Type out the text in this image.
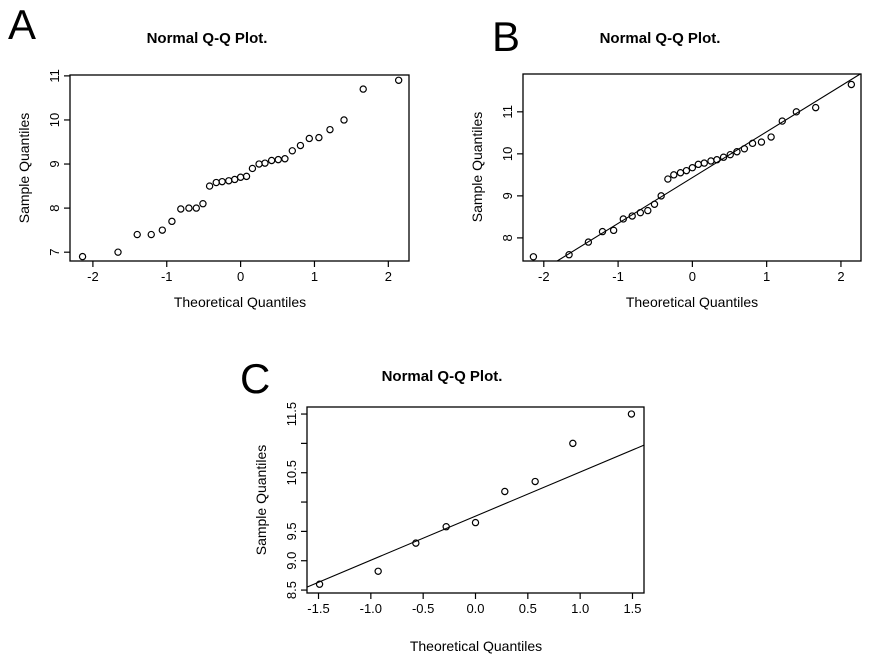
-2	-1	0	1	2
7
8
9
10
11
A	Normal Q-Q Plot.
Theoretical Quantiles
Sample Quantiles
-2	-1	0	1	2
8
9
10
11
B	Normal Q-Q Plot.
Theoretical Quantiles
Sample Quantiles
-1.5 -1.0 -0.5 0.0	0.5	1.0	1.5
8.5
9.0
9.5
10.5
11.5
C	Normal Q-Q Plot.
Theoretical Quantiles
Sample Quantiles
